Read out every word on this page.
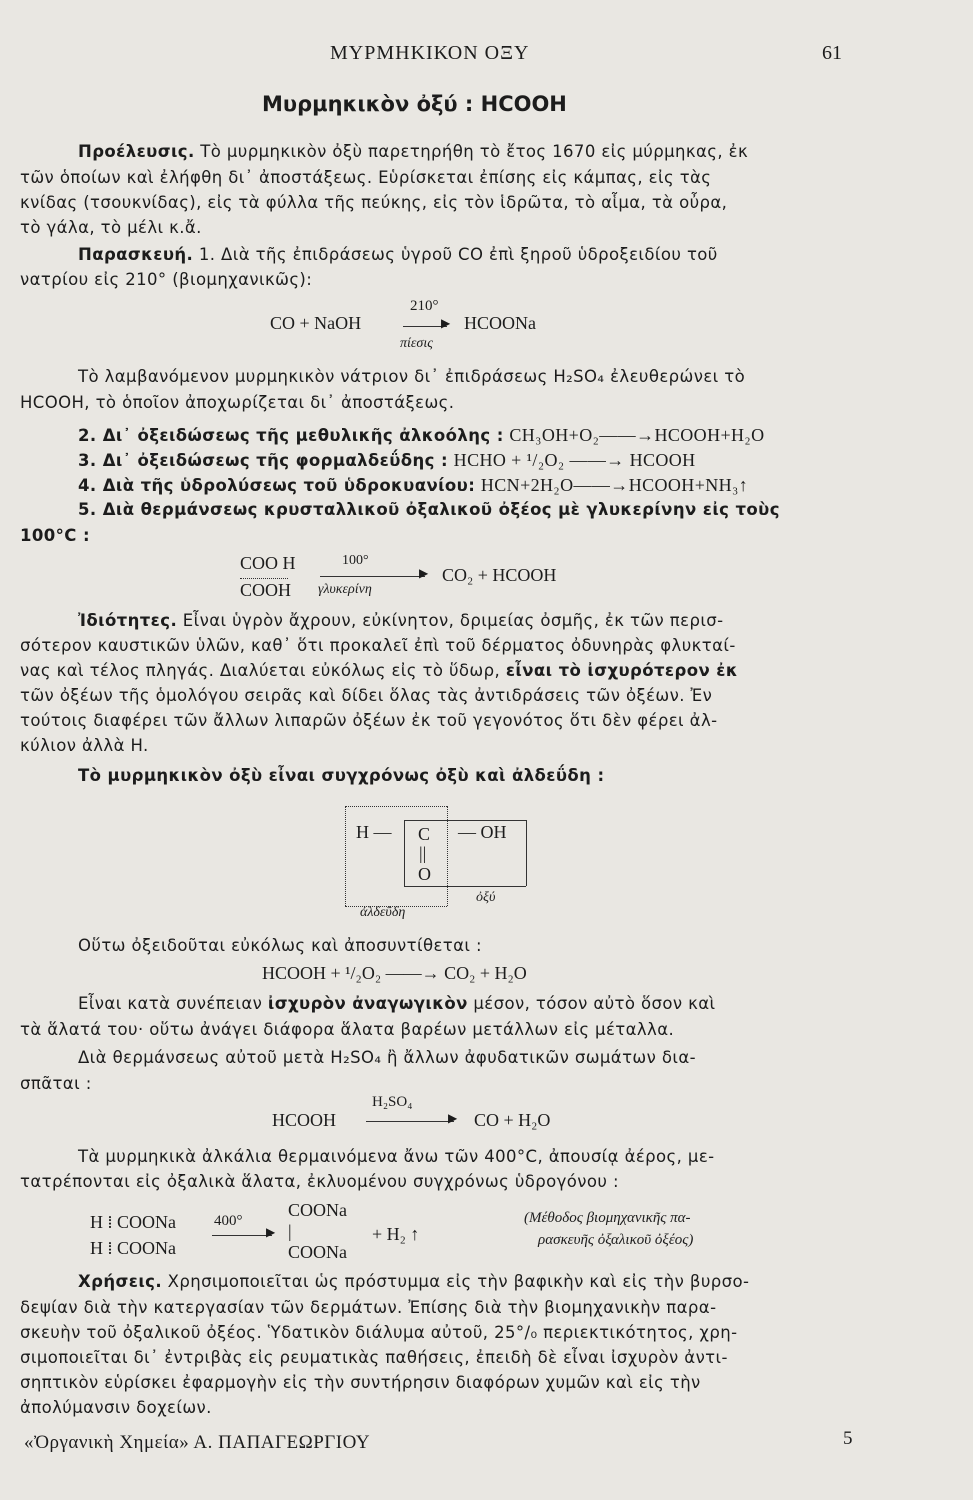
ΜΥΡΜΗΚΙΚΟΝ ΟΞΥ	61
Μυρμηκικὸν ὀξύ : HCOOH
Προέλευσις. Τὸ μυρμηκικὸν ὀξὺ παρετηρήθη τὸ ἔτος 1670 εἰς μύρμηκας, ἐκ
τῶν ὁποίων καὶ ἐλήφθη δι᾽ ἀποστάξεως. Εὑρίσκεται ἐπίσης εἰς κάμπας, εἰς τὰς
κνίδας (τσουκνίδας), εἰς τὰ φύλλα τῆς πεύκης, εἰς τὸν ἱδρῶτα, τὸ αἷμα, τὰ οὖρα,
τὸ γάλα, τὸ μέλι κ.ἄ.
Παρασκευή. 1. Διὰ τῆς ἐπιδράσεως ὑγροῦ CO ἐπὶ ξηροῦ ὑδροξειδίου τοῦ
νατρίου εἰς 210° (βιομηχανικῶς):
CO + NaOH
210°
▶ HCOONa
πίεσις
Τὸ λαμβανόμενον μυρμηκικὸν νάτριον δι᾽ ἐπιδράσεως H₂SO₄ ἐλευθερώνει τὸ
HCOOH, τὸ ὁποῖον ἀποχωρίζεται δι᾽ ἀποστάξεως.
2. Δι᾽ ὀξειδώσεως τῆς μεθυλικῆς ἀλκοόλης : CH₃OH+O₂——→HCOOH+H₂O
3. Δι᾽ ὀξειδώσεως τῆς φορμαλδεΰδης : HCHO + ¹/₂O₂ ——→ HCOOH
4. Διὰ τῆς ὑδρολύσεως τοῦ ὑδροκυανίου: HCN+2H₂O——→HCOOH+NH₃↑
5. Διὰ θερμάνσεως κρυσταλλικοῦ ὀξαλικοῦ ὀξέος μὲ γλυκερίνην εἰς τοὺς
100°C :
COO H
COOH
100°
▶
γλυκερίνη
CO₂ + HCOOH
Ἰδιότητες. Εἶναι ὑγρὸν ἄχρουν, εὐκίνητον, δριμείας ὀσμῆς, ἐκ τῶν περισ-
σότερον καυστικῶν ὑλῶν, καθ᾽ ὅτι προκαλεῖ ἐπὶ τοῦ δέρματος ὀδυνηρὰς φλυκταί-
νας καὶ τέλος πληγάς. Διαλύεται εὐκόλως εἰς τὸ ὕδωρ, εἶναι τὸ ἰσχυρότερον ἐκ
τῶν ὀξέων τῆς ὁμολόγου σειρᾶς καὶ δίδει ὅλας τὰς ἀντιδράσεις τῶν ὀξέων. Ἐν
τούτοις διαφέρει τῶν ἄλλων λιπαρῶν ὀξέων ἐκ τοῦ γεγονότος ὅτι δὲν φέρει ἀλ-
κύλιον ἀλλὰ H.
Τὸ μυρμηκικὸν ὀξὺ εἶναι συγχρόνως ὀξὺ καὶ ἀλδεΰδη :
H — C
||
O
— OH
ἀλδεΰδη
ὀξύ
Οὕτω ὀξειδοῦται εὐκόλως καὶ ἀποσυντίθεται :
HCOOH + ¹/₂O₂ ——→ CO₂ + H₂O
Εἶναι κατὰ συνέπειαν ἰσχυρὸν ἀναγωγικὸν μέσον, τόσον αὐτὸ ὅσον καὶ
τὰ ἅλατά του· οὕτω ἀνάγει διάφορα ἅλατα βαρέων μετάλλων εἰς μέταλλα.
Διὰ θερμάνσεως αὐτοῦ μετὰ H₂SO₄ ἢ ἄλλων ἀφυδατικῶν σωμάτων δια-
σπᾶται :
HCOOH
H₂SO₄
▶ CO + H₂O
Τὰ μυρμηκικὰ ἀλκάλια θερμαινόμενα ἄνω τῶν 400°C, ἀπουσίᾳ ἀέρος, με-
τατρέπονται εἰς ὀξαλικὰ ἅλατα, ἐκλυομένου συγχρόνως ὑδρογόνου :
H ⁞ COONa
H ⁞ COONa
400°
▶
COONa
|
COONa
+ H₂ ↑
(Μέθοδος βιομηχανικῆς πα-
ρασκευῆς ὀξαλικοῦ ὀξέος)
Χρήσεις. Χρησιμοποιεῖται ὡς πρόστυμμα εἰς τὴν βαφικὴν καὶ εἰς τὴν βυρσο-
δεψίαν διὰ τὴν κατεργασίαν τῶν δερμάτων. Ἐπίσης διὰ τὴν βιομηχανικὴν παρα-
σκευὴν τοῦ ὀξαλικοῦ ὀξέος. Ὑδατικὸν διάλυμα αὐτοῦ, 25°/₀ περιεκτικότητος, χρη-
σιμοποιεῖται δι᾽ ἐντριβὰς εἰς ρευματικὰς παθήσεις, ἐπειδὴ δὲ εἶναι ἰσχυρὸν ἀντι-
σηπτικὸν εὑρίσκει ἐφαρμογὴν εἰς τὴν συντήρησιν διαφόρων χυμῶν καὶ εἰς τὴν
ἀπολύμανσιν δοχείων.
«Ὀργανικὴ Χημεία» Α. ΠΑΠΑΓΕΩΡΓΙΟΥ	5
